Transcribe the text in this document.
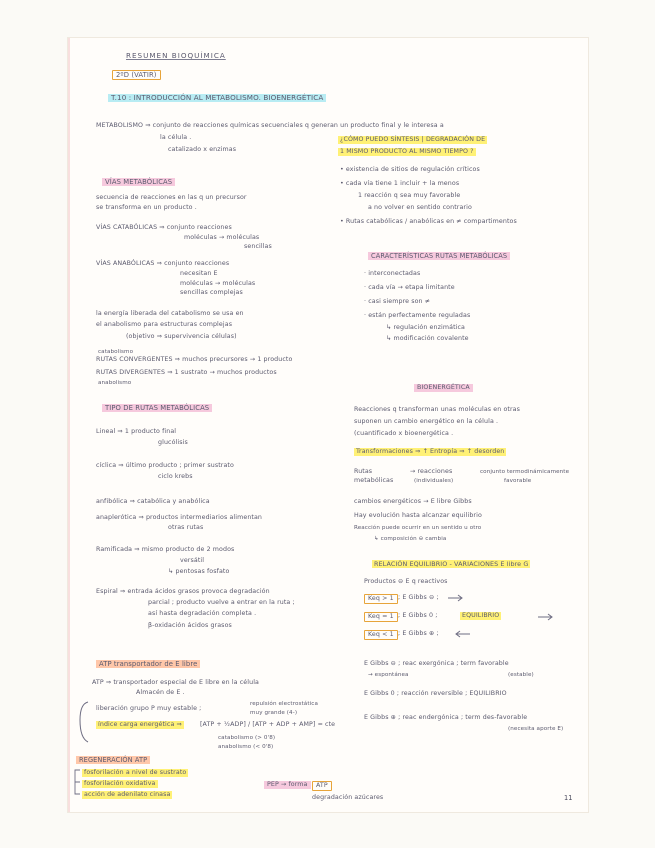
RESUMEN BIOQUÍMICA
2ºD (VATIR)
T.10 : INTRODUCCIÓN AL METABOLISMO. BIOENERGÉTICA
METABOLISMO ⇒ conjunto de reacciones químicas secuenciales q generan un producto final y le interesa a
la célula .
catalizado x enzimas
VÍAS METABÓLICAS
secuencia de reacciones en las q un precursor
se transforma en un producto .
VÍAS CATABÓLICAS ⇒ conjunto reacciones
moléculas → moléculas
sencillas
VÍAS ANABÓLICAS ⇒ conjunto reacciones
necesitan E
moléculas → moléculas
sencillas complejas
la energía liberada del catabolismo se usa en
el anabolismo para estructuras complejas
(objetivo ⇒ supervivencia células)
catabolismo
RUTAS CONVERGENTES ⇒ muchos precursores → 1 producto
RUTAS DIVERGENTES ⇒ 1 sustrato → muchos productos
anabolismo
TIPO DE RUTAS METABÓLICAS
Lineal ⇒ 1 producto final
glucólisis
cíclica ⇒ último producto ; primer sustrato
ciclo krebs
anfibólica ⇒ catabólica y anabólica
anaplerótica ⇒ productos intermediarios alimentan
otras rutas
Ramificada ⇒ mismo producto de 2 modos
versátil
↳ pentosas fosfato
Espiral ⇒ entrada ácidos grasos provoca degradación
parcial ; producto vuelve a entrar en la ruta ;
así hasta degradación completa .
β-oxidación ácidos grasos
ATP transportador de E libre
ATP ⇒ transportador especial de E libre en la célula
Almacén de E .
liberación grupo P muy estable ;
repulsión electrostática
muy grande (4-)
índice carga energética ⇒	[ATP + ½ADP] / [ATP + ADP + AMP] = cte
catabolismo (> 0'8)
anabolismo (< 0'8)
REGENERACIÓN ATP
fosforilación a nivel de sustrato
fosforilación oxidativa
acción de adenilato cinasa
PEP → forma	ATP
degradación azúcares
¿CÓMO PUEDO SÍNTESIS | DEGRADACIÓN DE
1 MISMO PRODUCTO AL MISMO TIEMPO ?
• existencia de sitios de regulación críticos
• cada vía tiene 1 incluir + la menos
1 reacción q sea muy favorable
a no volver en sentido contrario
• Rutas catabólicas / anabólicas en ≠ compartimentos
CARACTERÍSTICAS RUTAS METABÓLICAS
· interconectadas
· cada vía → etapa limitante
· casi siempre son ≠
· están perfectamente reguladas
↳ regulación enzimática
↳ modificación covalente
BIOENERGÉTICA
Reacciones q transforman unas moléculas en otras
suponen un cambio energético en la célula .
(cuantificado x bioenergética .
Transformaciones ⇒ ↑ Entropía ⇒ ↑ desorden
Rutas
metabólicas
→ reacciones
(individuales)
conjunto termodinámicamente
favorable
cambios energéticos → E libre Gibbs
Hay evolución hasta alcanzar equilibrio
Reacción puede ocurrir en un sentido u otro
↳ composición ⊖ cambia
RELACIÓN EQUILIBRIO - VARIACIONES E libre G
Productos ⊖ E q reactivos
Keq > 1 ; E Gibbs ⊖ ;
Keq = 1 ; E Gibbs 0 ;	EQUILIBRIO
Keq < 1 ; E Gibbs ⊕ ;
E Gibbs ⊖ ; reac exergónica ; term favorable
→ espontánea	(estable)
E Gibbs 0 ; reacción reversible ; EQUILIBRIO
E Gibbs ⊕ ; reac endergónica ; term des-favorable
(necesita aporte E)
11
